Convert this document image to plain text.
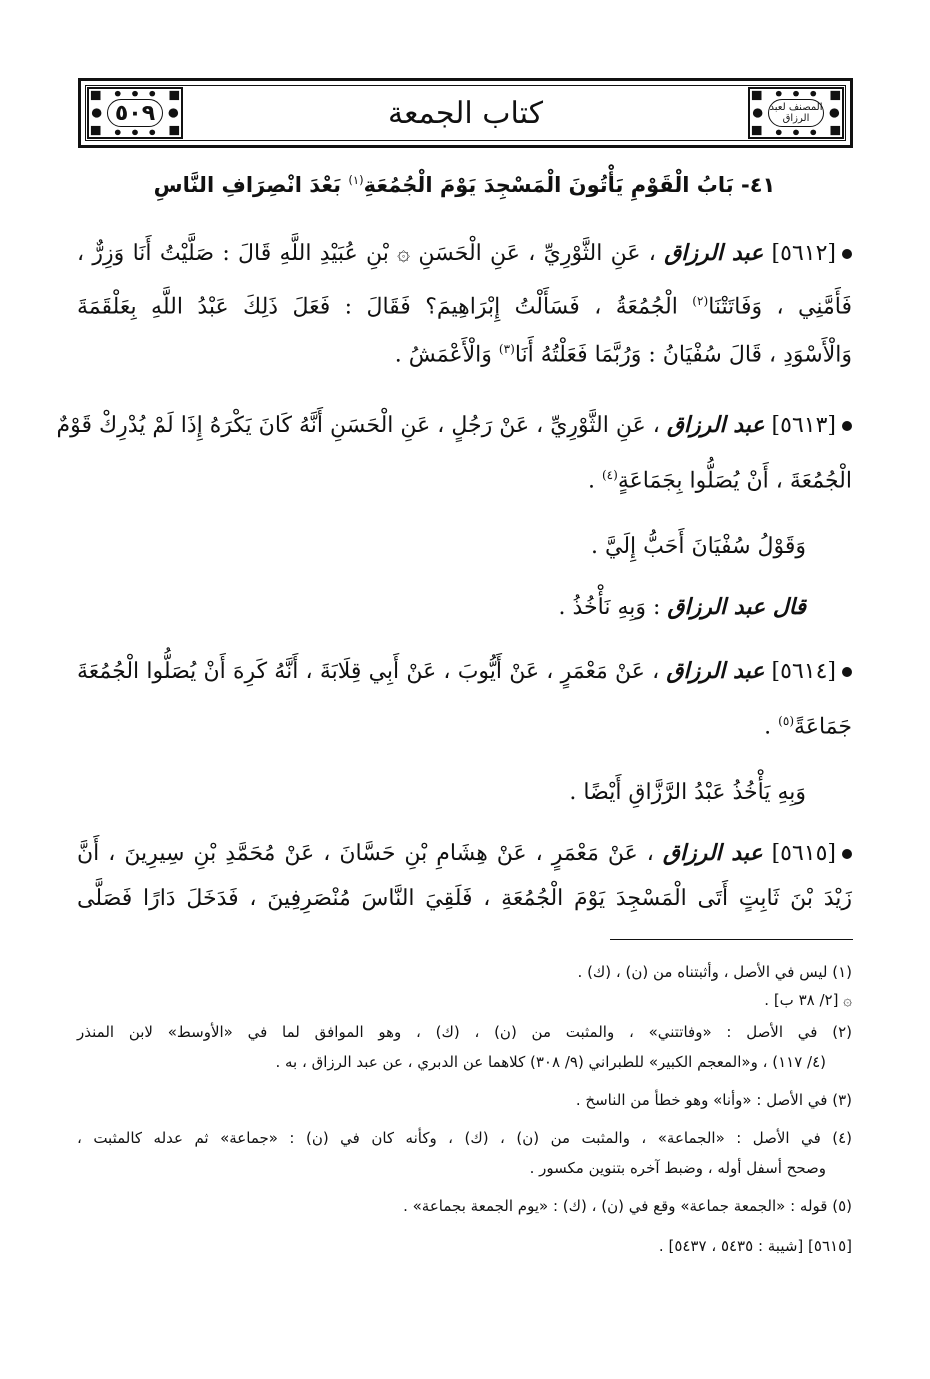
٥٠٩	كتاب الجمعة	المصنف لعبد الرزاق
٤١- بَابُ الْقَوْمِ يَأْتُونَ الْمَسْجِدَ يَوْمَ الْجُمُعَةِ$^{(١)}$ بَعْدَ انْصِرَافِ النَّاسِ
[٥٦١٢] عبد الرزاق ، عَنِ الثَّوْرِيِّ ، عَنِ الْحَسَنِ ۞ بْنِ عُبَيْدِ اللَّهِ قَالَ : صَلَّيْتُ أَنَا وَزِرٌّ ،
فَأَمَّنِي ، وَفَاتَتْنَا$^{(٢)}$ الْجُمُعَةُ ، فَسَأَلْتُ إِبْرَاهِيمَ؟ فَقَالَ : فَعَلَ ذَلِكَ عَبْدُ اللَّهِ بِعَلْقَمَةَ
وَالْأَسْوَدِ ، قَالَ سُفْيَانُ : وَرُبَّمَا فَعَلْتُهُ أَنَا$^{(٣)}$ وَالْأَعْمَشُ .
[٥٦١٣] عبد الرزاق ، عَنِ الثَّوْرِيِّ ، عَنْ رَجُلٍ ، عَنِ الْحَسَنِ أَنَّهُ كَانَ يَكْرَهُ إِذَا لَمْ يُدْرِكْ قَوْمٌ
الْجُمُعَةَ ، أَنْ يُصَلُّوا بِجَمَاعَةٍ$^{(٤)}$ .
وَقَوْلُ سُفْيَانَ أَحَبُّ إِلَيَّ .
قال عبد الرزاق : وَبِهِ نَأْخُذُ .
[٥٦١٤] عبد الرزاق ، عَنْ مَعْمَرٍ ، عَنْ أَيُّوبَ ، عَنْ أَبِي قِلَابَةَ ، أَنَّهُ كَرِهَ أَنْ يُصَلُّوا الْجُمُعَةَ
جَمَاعَةً$^{(٥)}$ .
وَبِهِ يَأْخُذُ عَبْدُ الرَّزَّاقِ أَيْضًا .
[٥٦١٥] عبد الرزاق ، عَنْ مَعْمَرٍ ، عَنْ هِشَامِ بْنِ حَسَّانَ ، عَنْ مُحَمَّدِ بْنِ سِيرِينَ ، أَنَّ
زَيْدَ بْنَ ثَابِتٍ أَتَى الْمَسْجِدَ يَوْمَ الْجُمُعَةِ ، فَلَقِيَ النَّاسَ مُنْصَرِفِينَ ، فَدَخَلَ دَارًا فَصَلَّى
(١) ليس في الأصل ، وأثبتناه من (ن) ، (ك) .
۞ [٢/ ٣٨ ب] .
(٢) في الأصل : «وفاتتني» ، والمثبت من (ن) ، (ك) ، وهو الموافق لما في «الأوسط» لابن المنذر
(٤/ ١١٧) ، و«المعجم الكبير» للطبراني (٩/ ٣٠٨) كلاهما عن الدبري ، عن عبد الرزاق ، به .
(٣) في الأصل : «وأنا» وهو خطأ من الناسخ .
(٤) في الأصل : «الجماعة» ، والمثبت من (ن) ، (ك) ، وكأنه كان في (ن) : «جماعة» ثم عدله كالمثبت ،
وصحح أسفل أوله ، وضبط آخره بتنوين مكسور .
(٥) قوله : «الجمعة جماعة» وقع في (ن) ، (ك) : «يوم الجمعة بجماعة» .
[٥٦١٥] [شيبة : ٥٤٣٥ ، ٥٤٣٧] .
